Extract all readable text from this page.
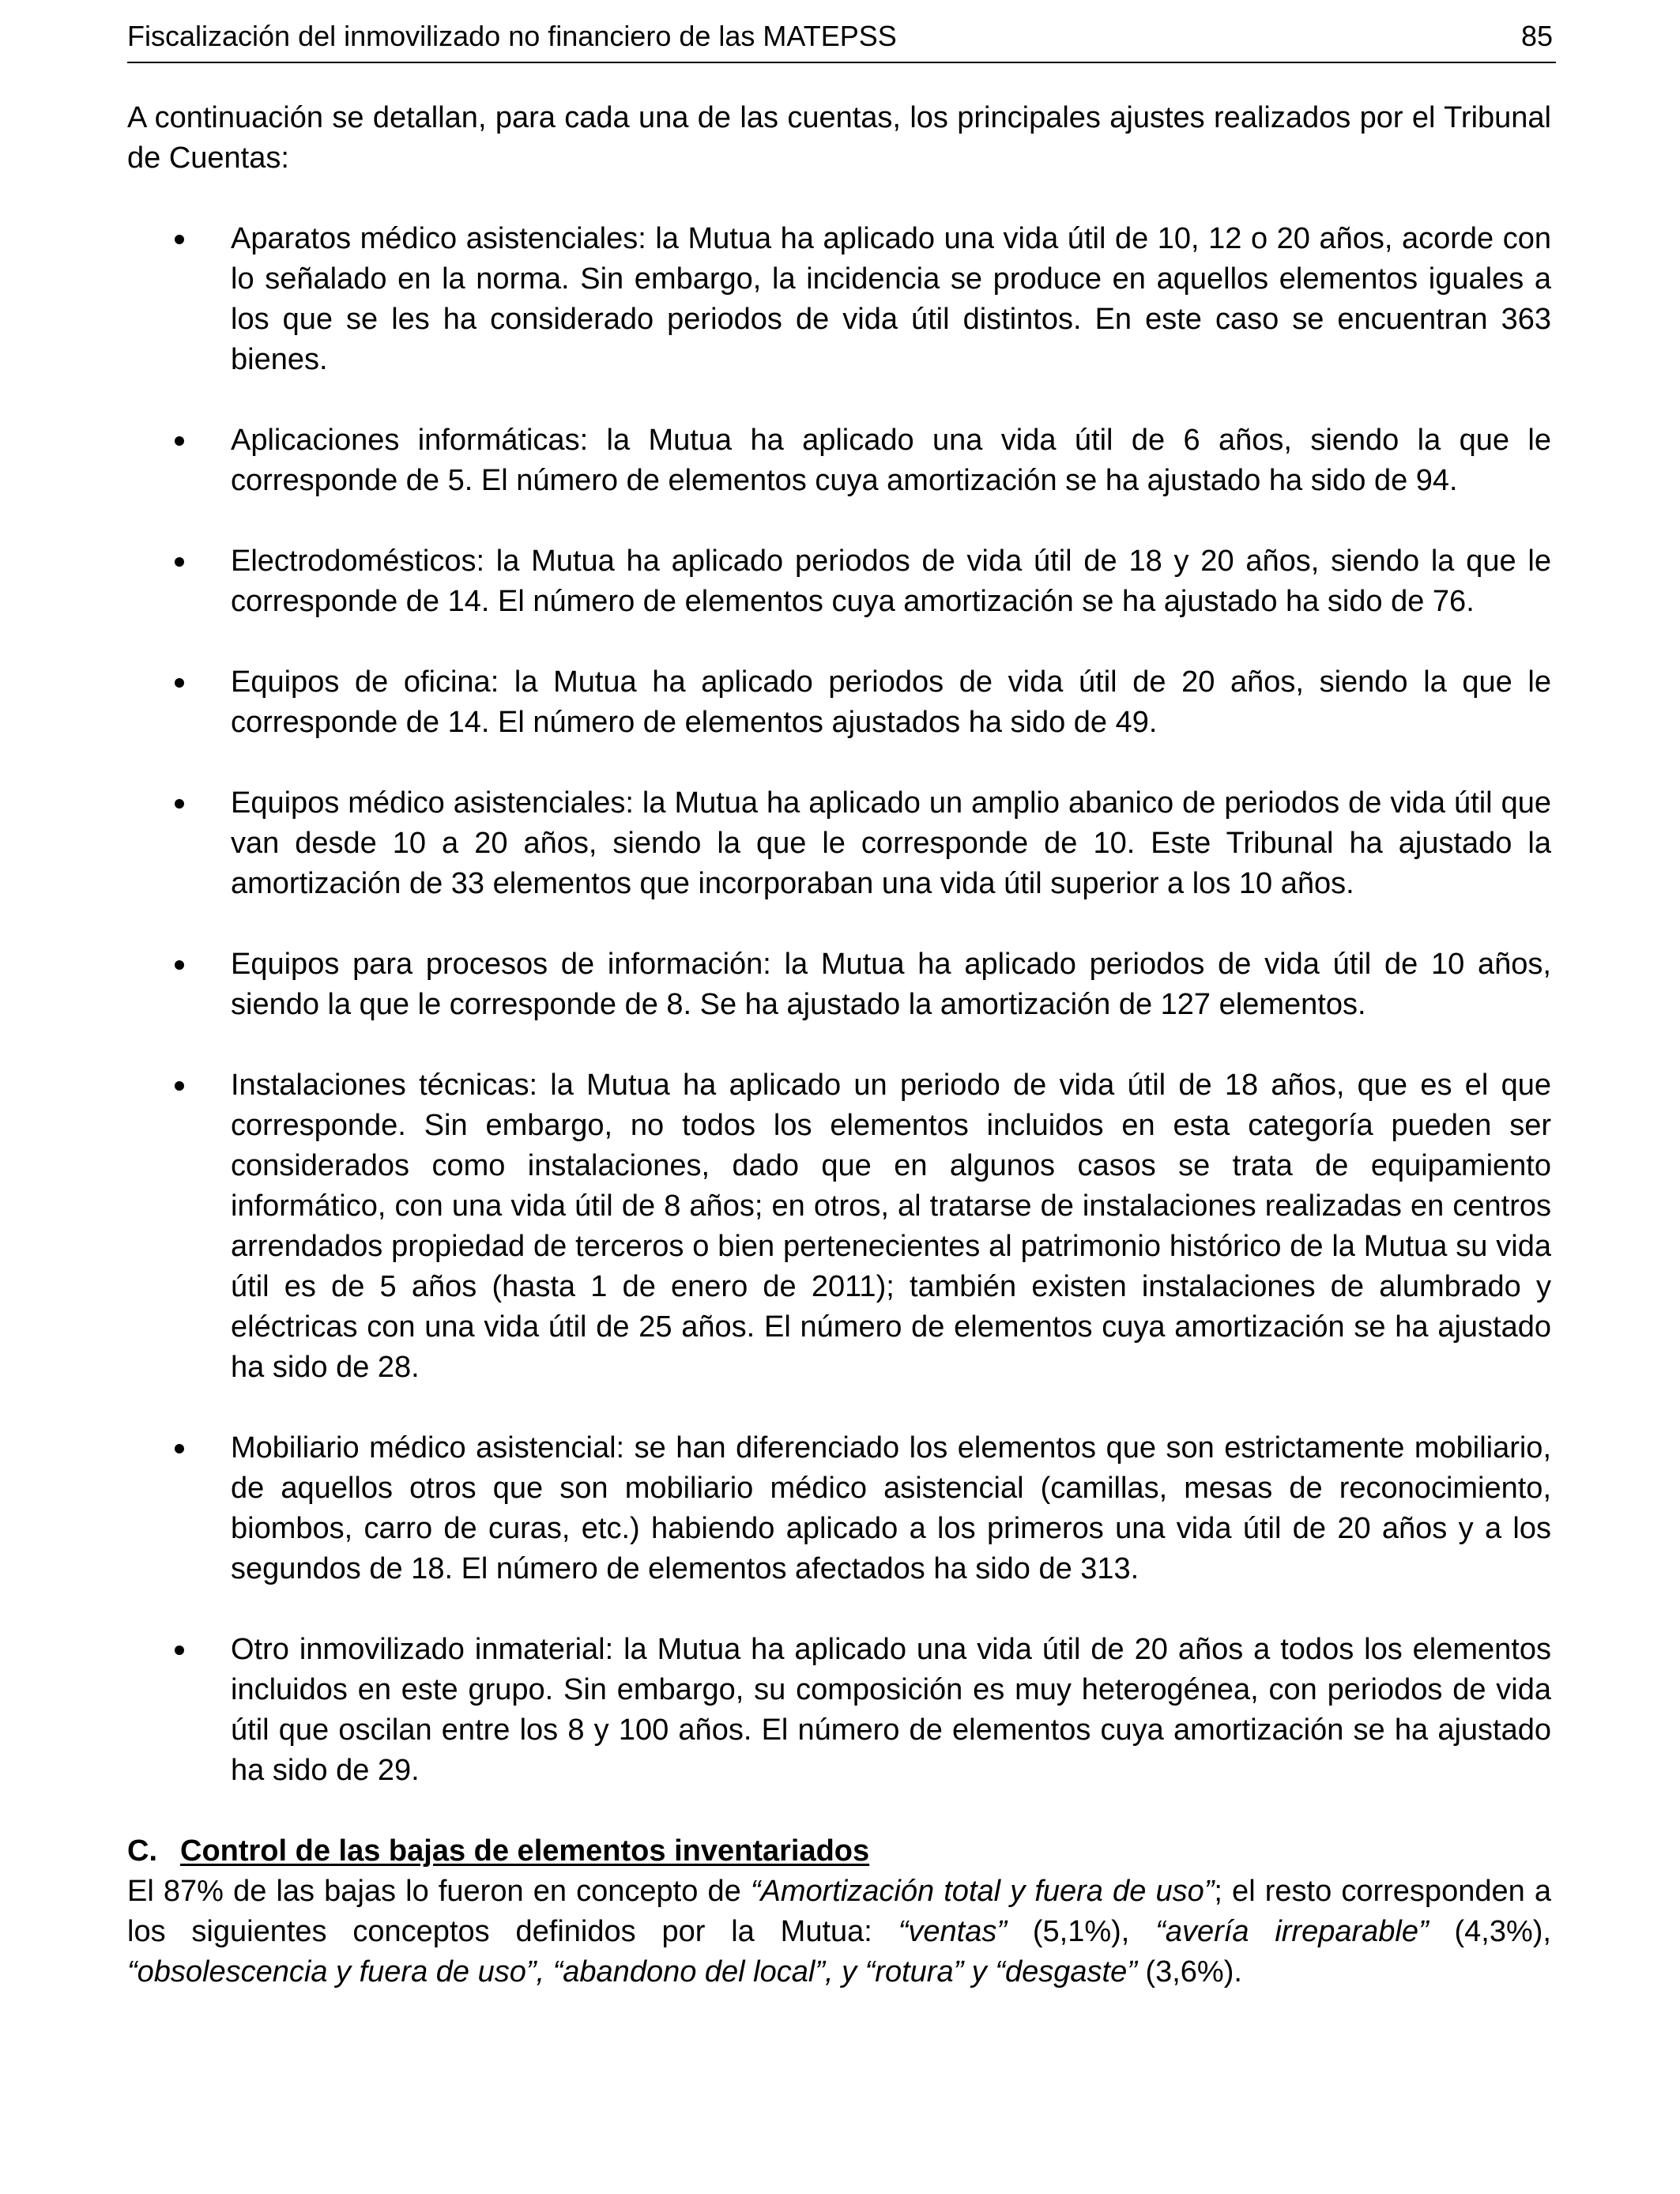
Fiscalización del inmovilizado no financiero de las MATEPSS	85

A continuación se detallan, para cada una de las cuentas, los principales ajustes realizados por el Tribunal de Cuentas:

Aparatos médico asistenciales: la Mutua ha aplicado una vida útil de 10, 12 o 20 años, acorde con lo señalado en la norma. Sin embargo, la incidencia se produce en aquellos elementos iguales a los que se les ha considerado periodos de vida útil distintos. En este caso se encuentran 363 bienes.
Aplicaciones informáticas: la Mutua ha aplicado una vida útil de 6 años, siendo la que le corresponde de 5. El número de elementos cuya amortización se ha ajustado ha sido de 94.
Electrodomésticos: la Mutua ha aplicado periodos de vida útil de 18 y 20 años, siendo la que le corresponde de 14. El número de elementos cuya amortización se ha ajustado ha sido de 76.
Equipos de oficina: la Mutua ha aplicado periodos de vida útil de 20 años, siendo la que le corresponde de 14. El número de elementos ajustados ha sido de 49.
Equipos médico asistenciales: la Mutua ha aplicado un amplio abanico de periodos de vida útil que van desde 10 a 20 años, siendo la que le corresponde de 10. Este Tribunal ha ajustado la amortización de 33 elementos que incorporaban una vida útil superior a los 10 años.
Equipos para procesos de información: la Mutua ha aplicado periodos de vida útil de 10 años, siendo la que le corresponde de 8. Se ha ajustado la amortización de 127 elementos.
Instalaciones técnicas: la Mutua ha aplicado un periodo de vida útil de 18 años, que es el que corresponde. Sin embargo, no todos los elementos incluidos en esta categoría pueden ser considerados como instalaciones, dado que en algunos casos se trata de equipamiento informático, con una vida útil de 8 años; en otros, al tratarse de instalaciones realizadas en centros arrendados propiedad de terceros o bien pertenecientes al patrimonio histórico de la Mutua su vida útil es de 5 años (hasta 1 de enero de 2011); también existen instalaciones de alumbrado y eléctricas con una vida útil de 25 años. El número de elementos cuya amortización se ha ajustado ha sido de 28.
Mobiliario médico asistencial: se han diferenciado los elementos que son estrictamente mobiliario, de aquellos otros que son mobiliario médico asistencial (camillas, mesas de reconocimiento, biombos, carro de curas, etc.) habiendo aplicado a los primeros una vida útil de 20 años y a los segundos de 18. El número de elementos afectados ha sido de 313.
Otro inmovilizado inmaterial: la Mutua ha aplicado una vida útil de 20 años a todos los elementos incluidos en este grupo. Sin embargo, su composición es muy heterogénea, con periodos de vida útil que oscilan entre los 8 y 100 años. El número de elementos cuya amortización se ha ajustado ha sido de 29.

C. Control de las bajas de elementos inventariados

El 87% de las bajas lo fueron en concepto de “Amortización total y fuera de uso”; el resto corresponden a los siguientes conceptos definidos por la Mutua: “ventas” (5,1%), “avería irreparable” (4,3%), “obsolescencia y fuera de uso”, “abandono del local”, y “rotura” y “desgaste” (3,6%).
